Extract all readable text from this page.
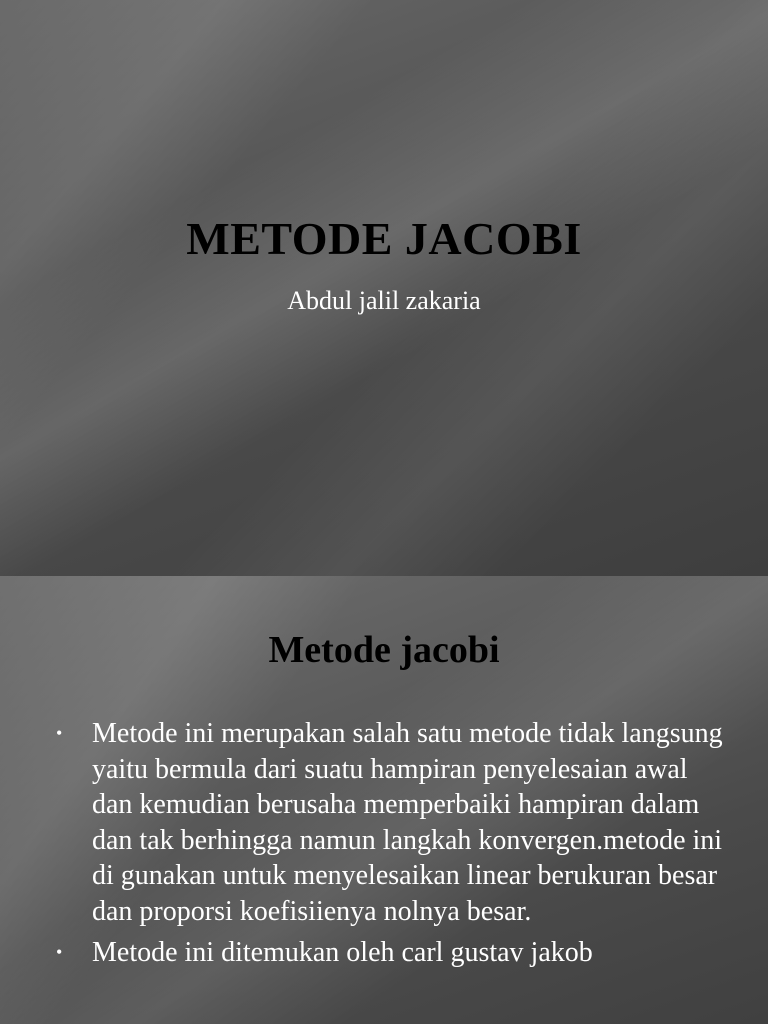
METODE JACOBI
Abdul jalil zakaria
Metode jacobi
• Metode ini merupakan salah satu metode tidak langsung yaitu bermula dari suatu hampiran penyelesaian awal dan kemudian berusaha memperbaiki hampiran dalam dan tak berhingga namun langkah konvergen.metode ini di gunakan untuk menyelesaikan linear berukuran besar dan proporsi koefisiienya nolnya besar.
• Metode ini ditemukan oleh carl gustav jakob
